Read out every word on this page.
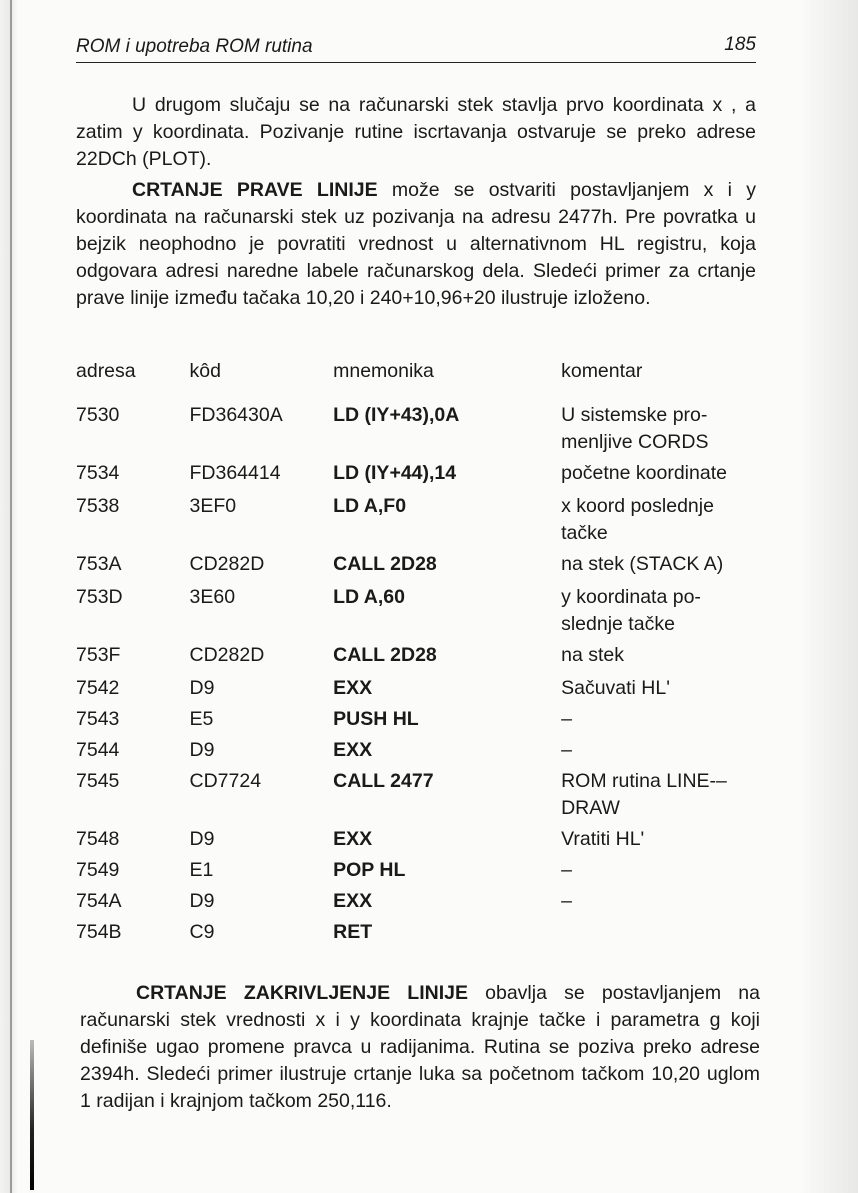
ROM i upotreba ROM rutina	185

U drugom slučaju se na računarski stek stavlja prvo koordinata x , a zatim y koordinata. Pozivanje rutine iscrtavanja ostvaruje se preko adrese 22DCh (PLOT).

CRTANJE PRAVE LINIJE može se ostvariti postavljanjem x i y koordinata na računarski stek uz pozivanja na adresu 2477h. Pre povratka u bejzik neophodno je povratiti vrednost u alternativnom HL registru, koja odgovara adresi naredne labele računarskog dela. Sledeći primer za crtanje prave linije između tačaka 10,20 i 240+10,96+20 ilustruje izloženo.

adresa	kôd	mnemonika	komentar
7530	FD36430A	LD (IY+43),0A	U sistemske pro-menljive CORDS
7534	FD364414	LD (IY+44),14	početne koordinate
7538	3EF0	LD A,F0	x koord poslednje tačke
753A	CD282D	CALL 2D28	na stek (STACK A)
753D	3E60	LD A,60	y koordinata po-slednje tačke
753F	CD282D	CALL 2D28	na stek
7542	D9	EXX	Sačuvati HL'
7543	E5	PUSH HL	–
7544	D9	EXX	–
7545	CD7724	CALL 2477	ROM rutina LINE-–DRAW
7548	D9	EXX	Vratiti HL'
7549	E1	POP HL	–
754A	D9	EXX	–
754B	C9	RET	

CRTANJE ZAKRIVLJENJE LINIJE obavlja se postavljanjem na računarski stek vrednosti x i y koordinata krajnje tačke i parametra g koji definiše ugao promene pravca u radijanima. Rutina se poziva preko adrese 2394h. Sledeći primer ilustruje crtanje luka sa početnom tačkom 10,20 uglom 1 radijan i krajnjom tačkom 250,116.
